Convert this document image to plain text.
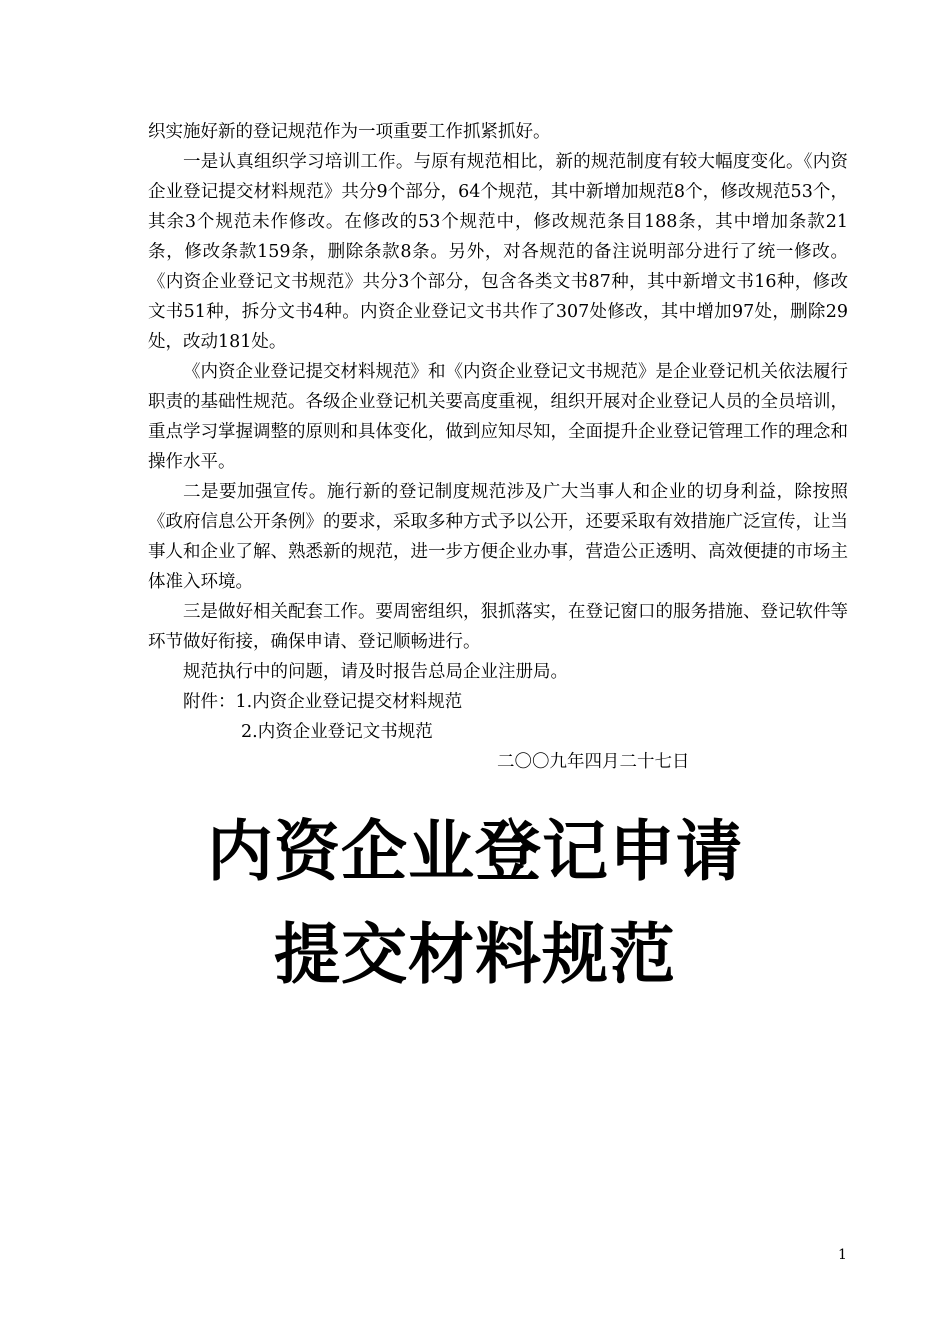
织实施好新的登记规范作为一项重要工作抓紧抓好。

一是认真组织学习培训工作。与原有规范相比，新的规范制度有较大幅度变化。《内资企业登记提交材料规范》共分9个部分，64个规范，其中新增加规范8个，修改规范53个，其余3个规范未作修改。在修改的53个规范中，修改规范条目188条，其中增加条款21条，修改条款159条，删除条款8条。另外，对各规范的备注说明部分进行了统一修改。《内资企业登记文书规范》共分3个部分，包含各类文书87种，其中新增文书16种，修改文书51种，拆分文书4种。内资企业登记文书共作了307处修改，其中增加97处，删除29处，改动181处。

《内资企业登记提交材料规范》和《内资企业登记文书规范》是企业登记机关依法履行职责的基础性规范。各级企业登记机关要高度重视，组织开展对企业登记人员的全员培训，重点学习掌握调整的原则和具体变化，做到应知尽知，全面提升企业登记管理工作的理念和操作水平。

二是要加强宣传。施行新的登记制度规范涉及广大当事人和企业的切身利益，除按照《政府信息公开条例》的要求，采取多种方式予以公开，还要采取有效措施广泛宣传，让当事人和企业了解、熟悉新的规范，进一步方便企业办事，营造公正透明、高效便捷的市场主体准入环境。

三是做好相关配套工作。要周密组织，狠抓落实，在登记窗口的服务措施、登记软件等环节做好衔接，确保申请、登记顺畅进行。

规范执行中的问题，请及时报告总局企业注册局。

附件：1.内资企业登记提交材料规范
2.内资企业登记文书规范
二〇〇九年四月二十七日
内资企业登记申请
提交材料规范
1
